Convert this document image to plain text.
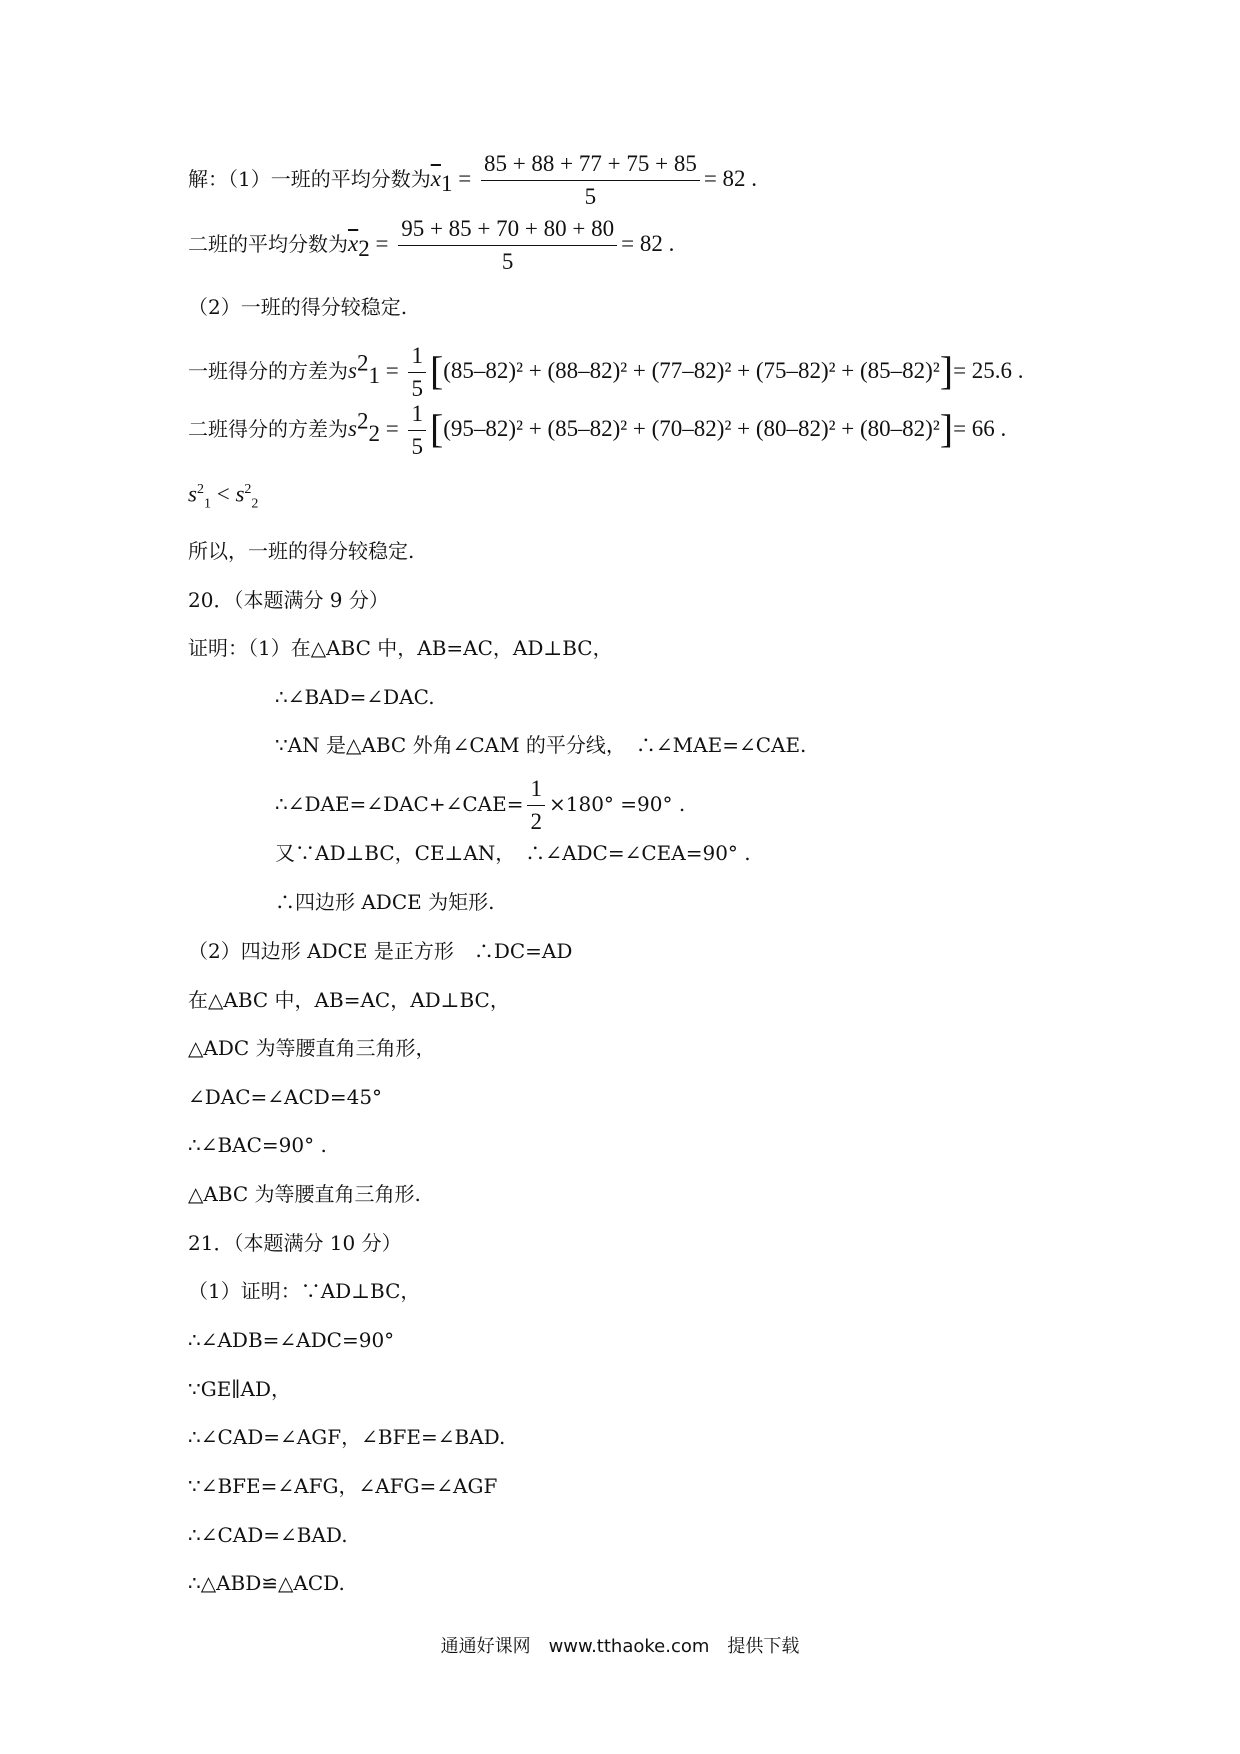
解：（1）一班的平均分数为$\overline{x}_1 = \frac{85 + 88 + 77 + 75 + 85}{5} = 82$ .
二班的平均分数为$\overline{x}_2 = \frac{95 + 85 + 70 + 80 + 80}{5} = 82$ .
（2）一班的得分较稳定.
一班得分的方差为$s^2_1 = \frac{1}{5} [(85-82)^2 + (88-82)^2 + (77-82)^2 + (75-82)^2 + (85-82)^2]= 25.6$ .
二班得分的方差为$s^2_2 = \frac{1}{5} [(95-82)^2 + (85-82)^2 + (70-82)^2 + (80-82)^2 + (80-82)^2]= 66$ .
$s^2_1 < s^2_2$
所以，一班的得分较稳定.
20．（本题满分 9 分）
证明：（1）在△ABC 中，AB=AC，AD⊥BC，
∴∠BAD=∠DAC.
∵AN 是△ABC 外角∠CAM 的平分线，　∴∠MAE=∠CAE.
∴∠DAE=∠DAC+∠CAE= $\frac{1}{2} \times 180^\circ =90^\circ$ .
又∵AD⊥BC，CE⊥AN，　∴∠ADC=∠CEA=90° .
∴四边形 ADCE 为矩形.
（2）四边形 ADCE 是正方形　∴DC=AD
在△ABC 中，AB=AC，AD⊥BC，
△ADC 为等腰直角三角形，
∠DAC=∠ACD=45°
∴∠BAC=90° .
△ABC 为等腰直角三角形.
21．（本题满分 10 分）
（1）证明：∵AD⊥BC，
∴∠ADB=∠ADC=90°
∵GE∥AD，
∴∠CAD=∠AGF，∠BFE=∠BAD.
∵∠BFE=∠AFG，∠AFG=∠AGF
∴∠CAD=∠BAD.
∴△ABD≌△ACD.
通通好课网　www.tthaoke.com　提供下载
